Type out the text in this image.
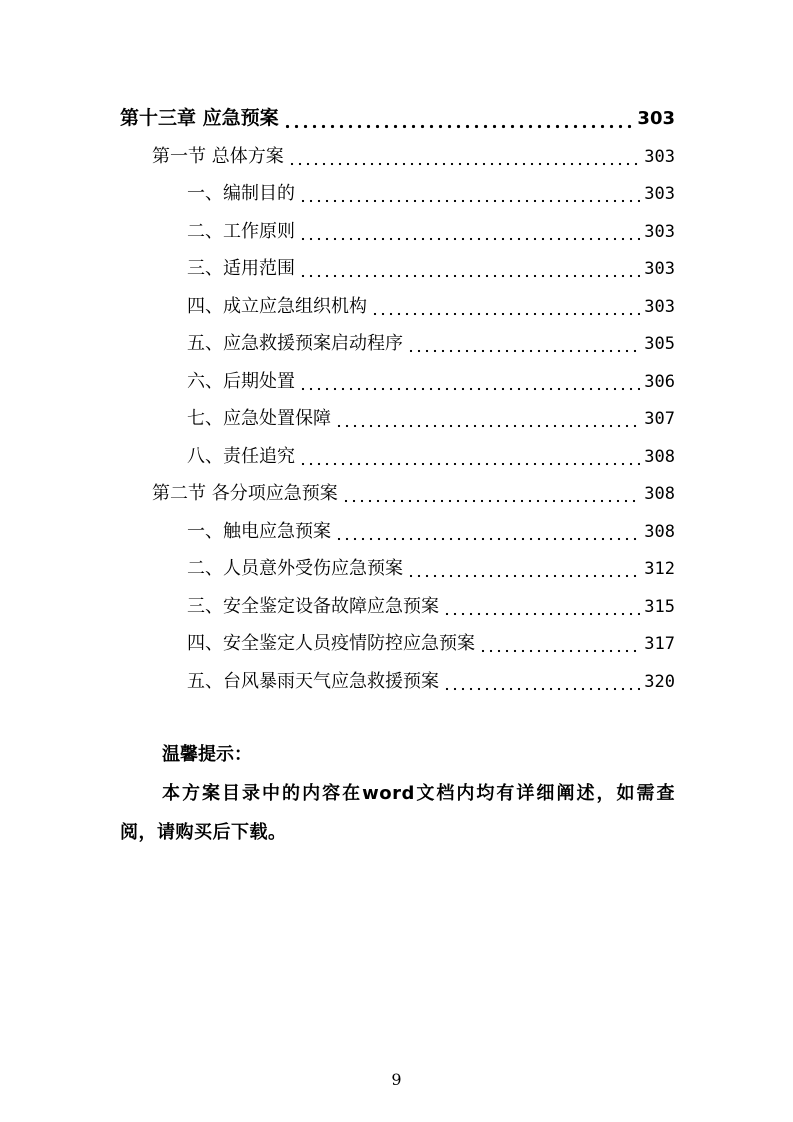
第十三章 应急预案	303
第一节 总体方案	303
一、编制目的	303
二、工作原则	303
三、适用范围	303
四、成立应急组织机构	303
五、应急救援预案启动程序	305
六、后期处置	306
七、应急处置保障	307
八、责任追究	308
第二节 各分项应急预案	308
一、触电应急预案	308
二、人员意外受伤应急预案	312
三、安全鉴定设备故障应急预案	315
四、安全鉴定人员疫情防控应急预案	317
五、台风暴雨天气应急救援预案	320
温馨提示：
本方案目录中的内容在word文档内均有详细阐述，如需查阅，请购买后下载。
9
